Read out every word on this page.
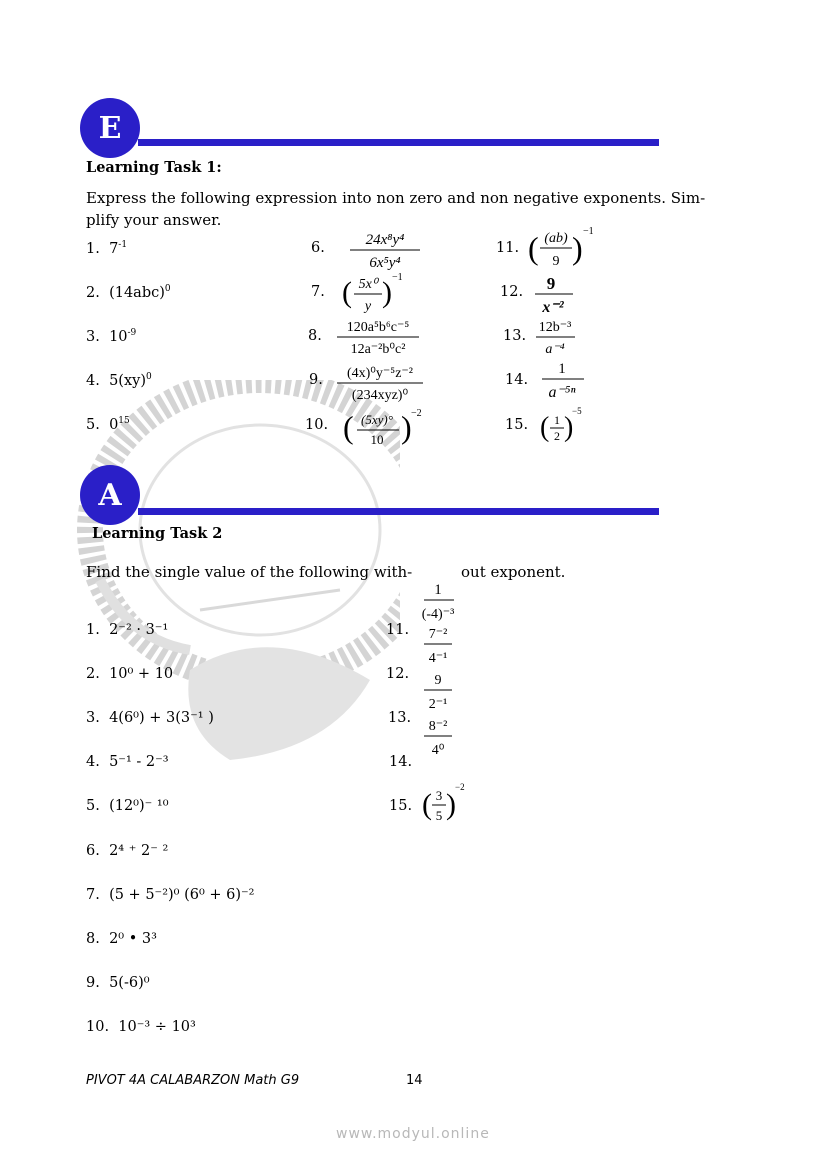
E
Learning Task 1:
Express the following expression into non zero and non negative exponents. Sim-
plify your answer.
1. $7^{-1}$
2. $(14abc)^0$
3. $10^{-9}$
4. 5(xy)$^0$
5. $0^{15}$
6.
7.
8.
9.
10.
24x⁸y⁴
6x⁵y⁴
( 5x⁰
y ) −1
120a⁵b⁶c⁻⁵
12a⁻²b⁰c²
(4x)⁰y⁻⁵z⁻²
(234xyz)⁰
( (5xy)°
10 ) −2
11.
12.
13.
14.
15.
( (ab)
9 ) −1
9
x⁻²
12b⁻³
a⁻⁴
1
a⁻⁵ⁿ
( 1
2 )
−5
A
Learning Task 2
Find the single value of the following with-	out exponent.
1. 2⁻² · 3⁻¹
2. 10⁰ + 10
3. 4(6⁰) + 3(3⁻¹ )
4. 5⁻¹ - 2⁻³
5. (12⁰)⁻ ¹⁰
6. 2⁴ ⁺ 2⁻ ²
7. (5 + 5⁻²)⁰ (6⁰ + 6)⁻²
8. 2⁰ • 3³
9. 5(-6)⁰
10. 10⁻³ ÷ 10³
11.
12.
13.
14.
15.
1
(-4)⁻³
7⁻²
4⁻¹
9
2⁻¹
8⁻²
4⁰
( 3
5 )
−2
PIVOT 4A CALABARZON Math G9	14
www.modyul.online
